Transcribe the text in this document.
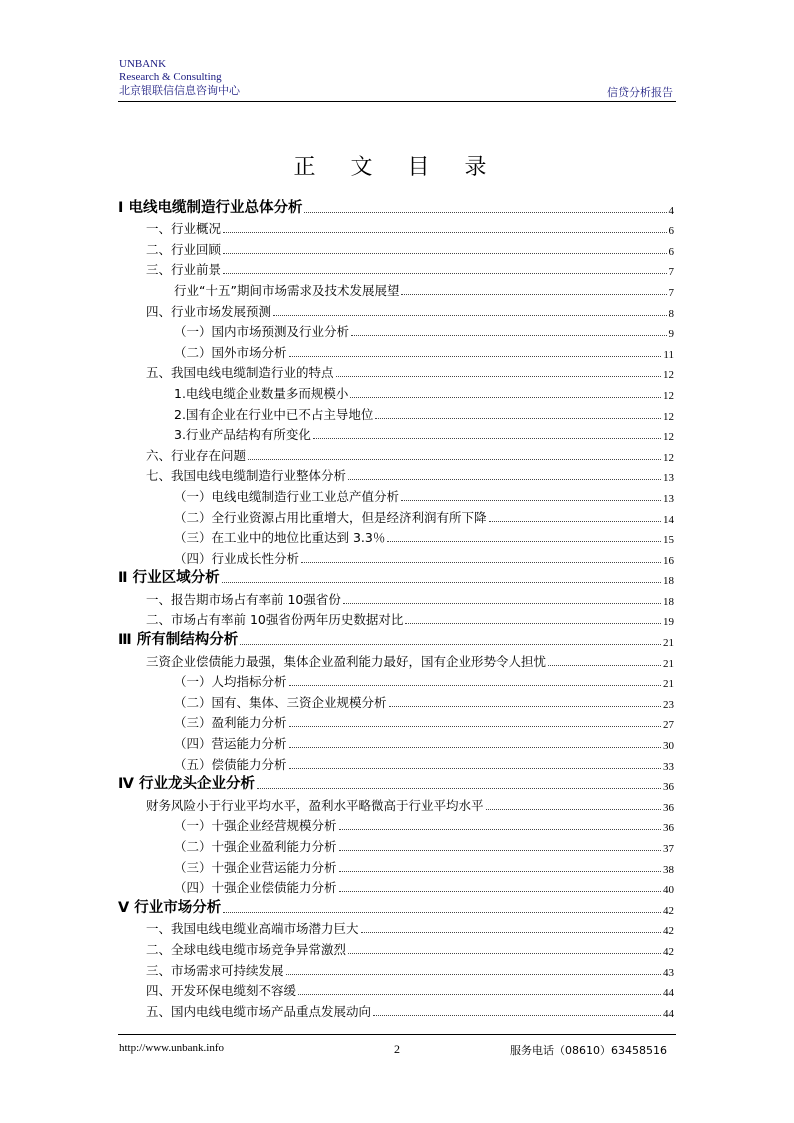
UNBANK
Research & Consulting
北京银联信信息咨询中心	信贷分析报告
正 文 目 录
Ⅰ 电线电缆制造行业总体分析	4
一、行业概况	6
二、行业回顾	6
三、行业前景	7
行业“十五”期间市场需求及技术发展展望	7
四、行业市场发展预测	8
（一）国内市场预测及行业分析	9
（二）国外市场分析	11
五、我国电线电缆制造行业的特点	12
1.电线电缆企业数量多而规模小	12
2.国有企业在行业中已不占主导地位	12
3.行业产品结构有所变化	12
六、行业存在问题	12
七、我国电线电缆制造行业整体分析	13
（一）电线电缆制造行业工业总产值分析	13
（二）全行业资源占用比重增大，但是经济利润有所下降	14
（三）在工业中的地位比重达到 3.3％	15
（四）行业成长性分析	16
Ⅱ 行业区域分析	18
一、报告期市场占有率前 10强省份	18
二、市场占有率前 10强省份两年历史数据对比	19
Ⅲ 所有制结构分析	21
三资企业偿债能力最强，集体企业盈利能力最好，国有企业形势令人担忧	21
（一）人均指标分析	21
（二）国有、集体、三资企业规模分析	23
（三）盈利能力分析	27
（四）营运能力分析	30
（五）偿债能力分析	33
Ⅳ 行业龙头企业分析	36
财务风险小于行业平均水平，盈利水平略微高于行业平均水平	36
（一）十强企业经营规模分析	36
（二）十强企业盈利能力分析	37
（三）十强企业营运能力分析	38
（四）十强企业偿债能力分析	40
Ⅴ 行业市场分析	42
一、我国电线电缆业高端市场潜力巨大	42
二、全球电线电缆市场竞争异常激烈	42
三、市场需求可持续发展	43
四、开发环保电缆刻不容缓	44
五、国内电线电缆市场产品重点发展动向	44
http://www.unbank.info	2	服务电话（08610）63458516
